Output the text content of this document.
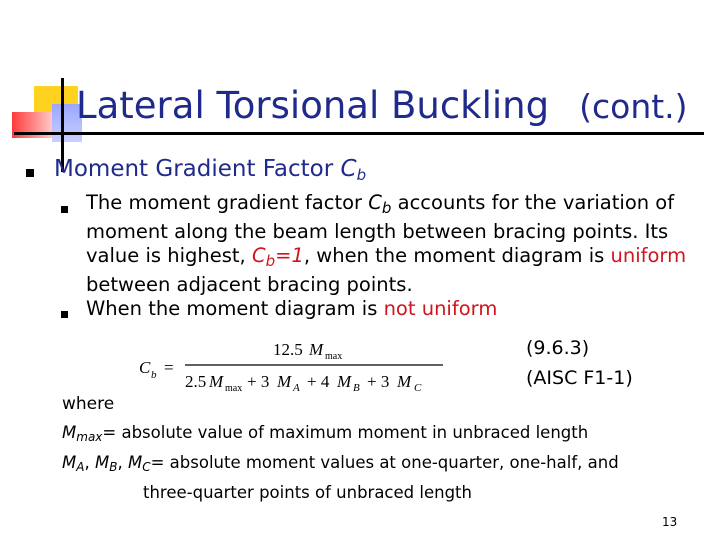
Lateral Torsional Buckling (cont.)
Moment Gradient Factor Cb
The moment gradient factor $C_b$ accounts for the variation of moment along the beam length between bracing points. Its value is highest, $C_b=1$, when the moment diagram is uniform between adjacent bracing points.
When the moment diagram is not uniform
C b =
12.5 M max
2.5 M max + 3 M A + 4 M B + 3 M C
(9.6.3)
(AISC F1-1)
where
Mmax= absolute value of maximum moment in unbraced length
MA, MB, MC= absolute moment values at one-quarter, one-half, and
three-quarter points of unbraced length
13
